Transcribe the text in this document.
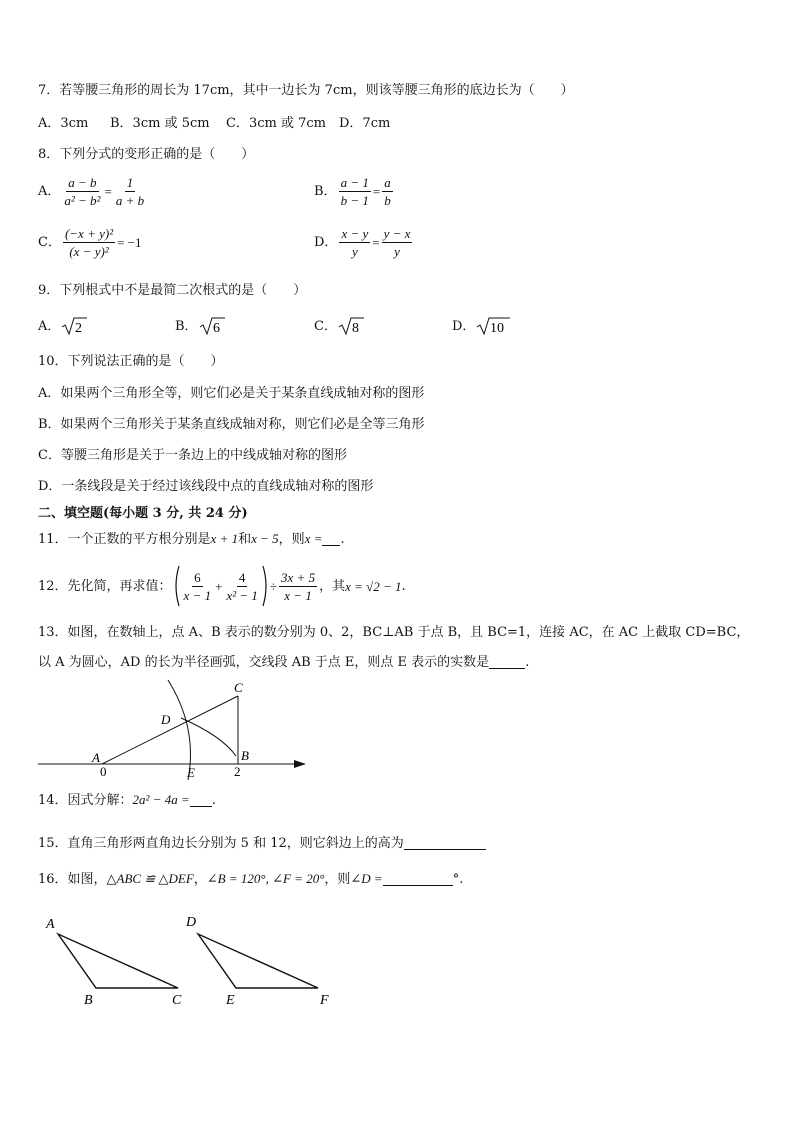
7．若等腰三角形的周长为 17cm，其中一边长为 7cm，则该等腰三角形的底边长为（　　）
A．3cm B．3cm 或 5cm C．3cm 或 7cm D．7cm
8．下列分式的变形正确的是（　　）
A． $\frac{a - b}{\text{a² − b²}} = \frac{1}{a + b}$	B． $\frac{a - 1}{b - 1} = \frac{a}{b}$
C． $\frac{\text{(−x + y)²}}{\text{(x − y)²}} = -1$	D． $\frac{x - y}{y} = \frac{y - x}{y}$
9．下列根式中不是最简二次根式的是（　　）
A． 2	B． 6	C． 8	D． 10
10．下列说法正确的是（　　）
A．如果两个三角形全等，则它们必是关于某条直线成轴对称的图形
B．如果两个三角形关于某条直线成轴对称，则它们必是全等三角形
C．等腰三角形是关于一条边上的中线成轴对称的图形
D．一条线段是关于经过该线段中点的直线成轴对称的图形
二、填空题(每小题 3 分, 共 24 分)
11．一个正数的平方根分别是x + 1和x − 5，则x = .
12．先化简，再求值： $\frac{6}{x - 1} + \frac{4}{\text{x² − 1}} \div \frac{3x + 5}{x - 1}$ ，其 x = √2 − 1 .
13．如图，在数轴上，点 A、B 表示的数分别为 0、2，BC⊥AB 于点 B，且 BC=1，连接 AC，在 AC 上截取 CD=BC，
以 A 为圆心，AD 的长为半径画弧，交线段 AB 于点 E，则点 E 表示的实数是	.
A
0
D
E
C
B
2
14．因式分解：2a² − 4a = .
15．直角三角形两直角边长分别为 5 和 12，则它斜边上的高为
16．如图，△ABC ≌ △DEF，∠B = 120°, ∠F = 20°，则∠D =	°.
A
B	C
D
E	F
